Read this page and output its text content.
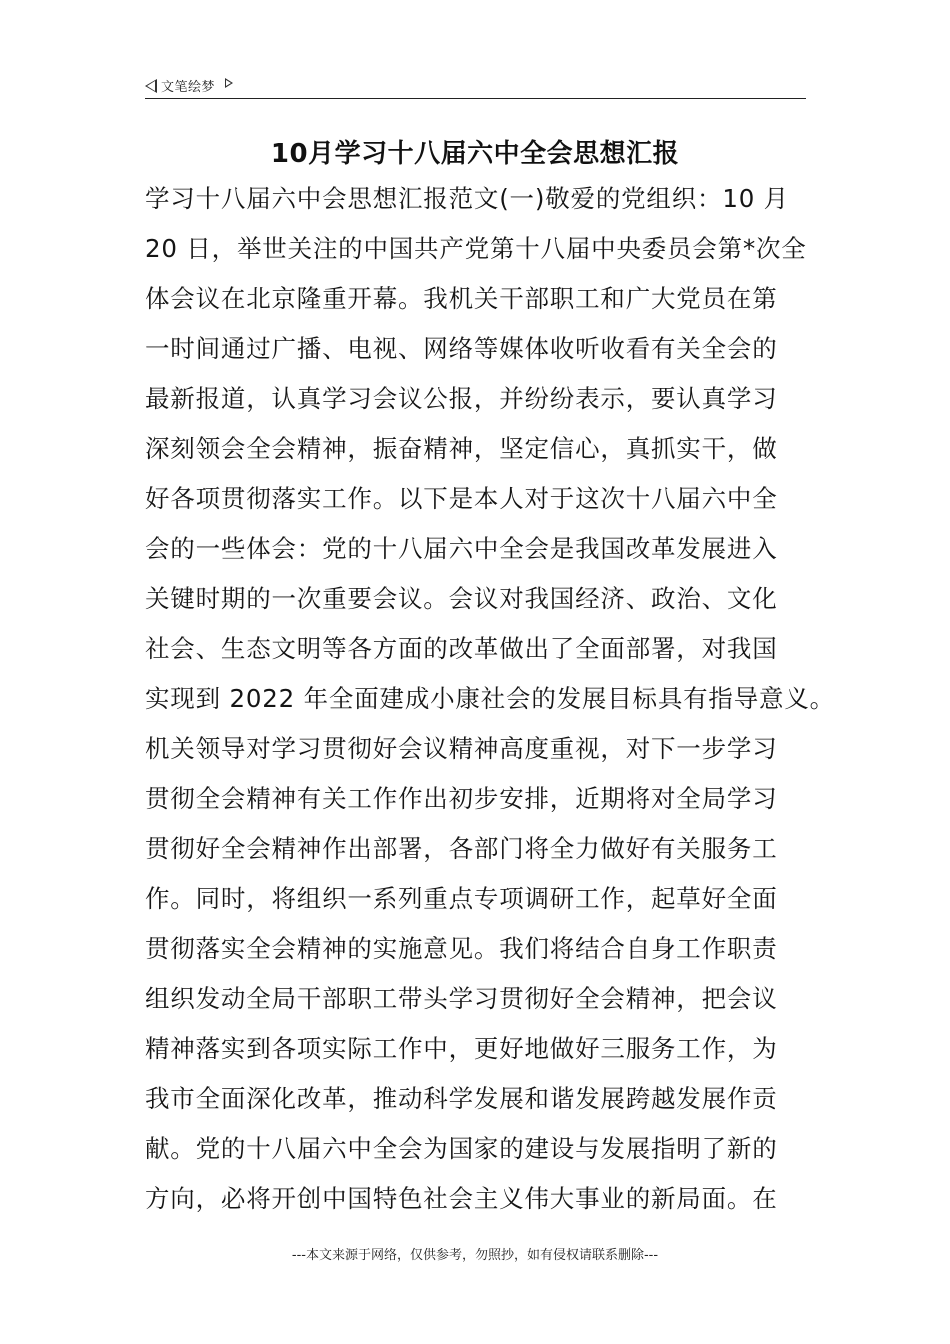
文笔绘梦
10月学习十八届六中全会思想汇报
学习十八届六中会思想汇报范文(一)敬爱的党组织：10 月
20 日，举世关注的中国共产党第十八届中央委员会第*次全
体会议在北京隆重开幕。我机关干部职工和广大党员在第
一时间通过广播、电视、网络等媒体收听收看有关全会的
最新报道，认真学习会议公报，并纷纷表示，要认真学习
深刻领会全会精神，振奋精神，坚定信心，真抓实干，做
好各项贯彻落实工作。以下是本人对于这次十八届六中全
会的一些体会：党的十八届六中全会是我国改革发展进入
关键时期的一次重要会议。会议对我国经济、政治、文化
社会、生态文明等各方面的改革做出了全面部署，对我国
实现到 2022 年全面建成小康社会的发展目标具有指导意义。
机关领导对学习贯彻好会议精神高度重视，对下一步学习
贯彻全会精神有关工作作出初步安排，近期将对全局学习
贯彻好全会精神作出部署，各部门将全力做好有关服务工
作。同时，将组织一系列重点专项调研工作，起草好全面
贯彻落实全会精神的实施意见。我们将结合自身工作职责
组织发动全局干部职工带头学习贯彻好全会精神，把会议
精神落实到各项实际工作中，更好地做好三服务工作，为
我市全面深化改革，推动科学发展和谐发展跨越发展作贡
献。党的十八届六中全会为国家的建设与发展指明了新的
方向，必将开创中国特色社会主义伟大事业的新局面。在
---本文来源于网络，仅供参考，勿照抄，如有侵权请联系删除---
